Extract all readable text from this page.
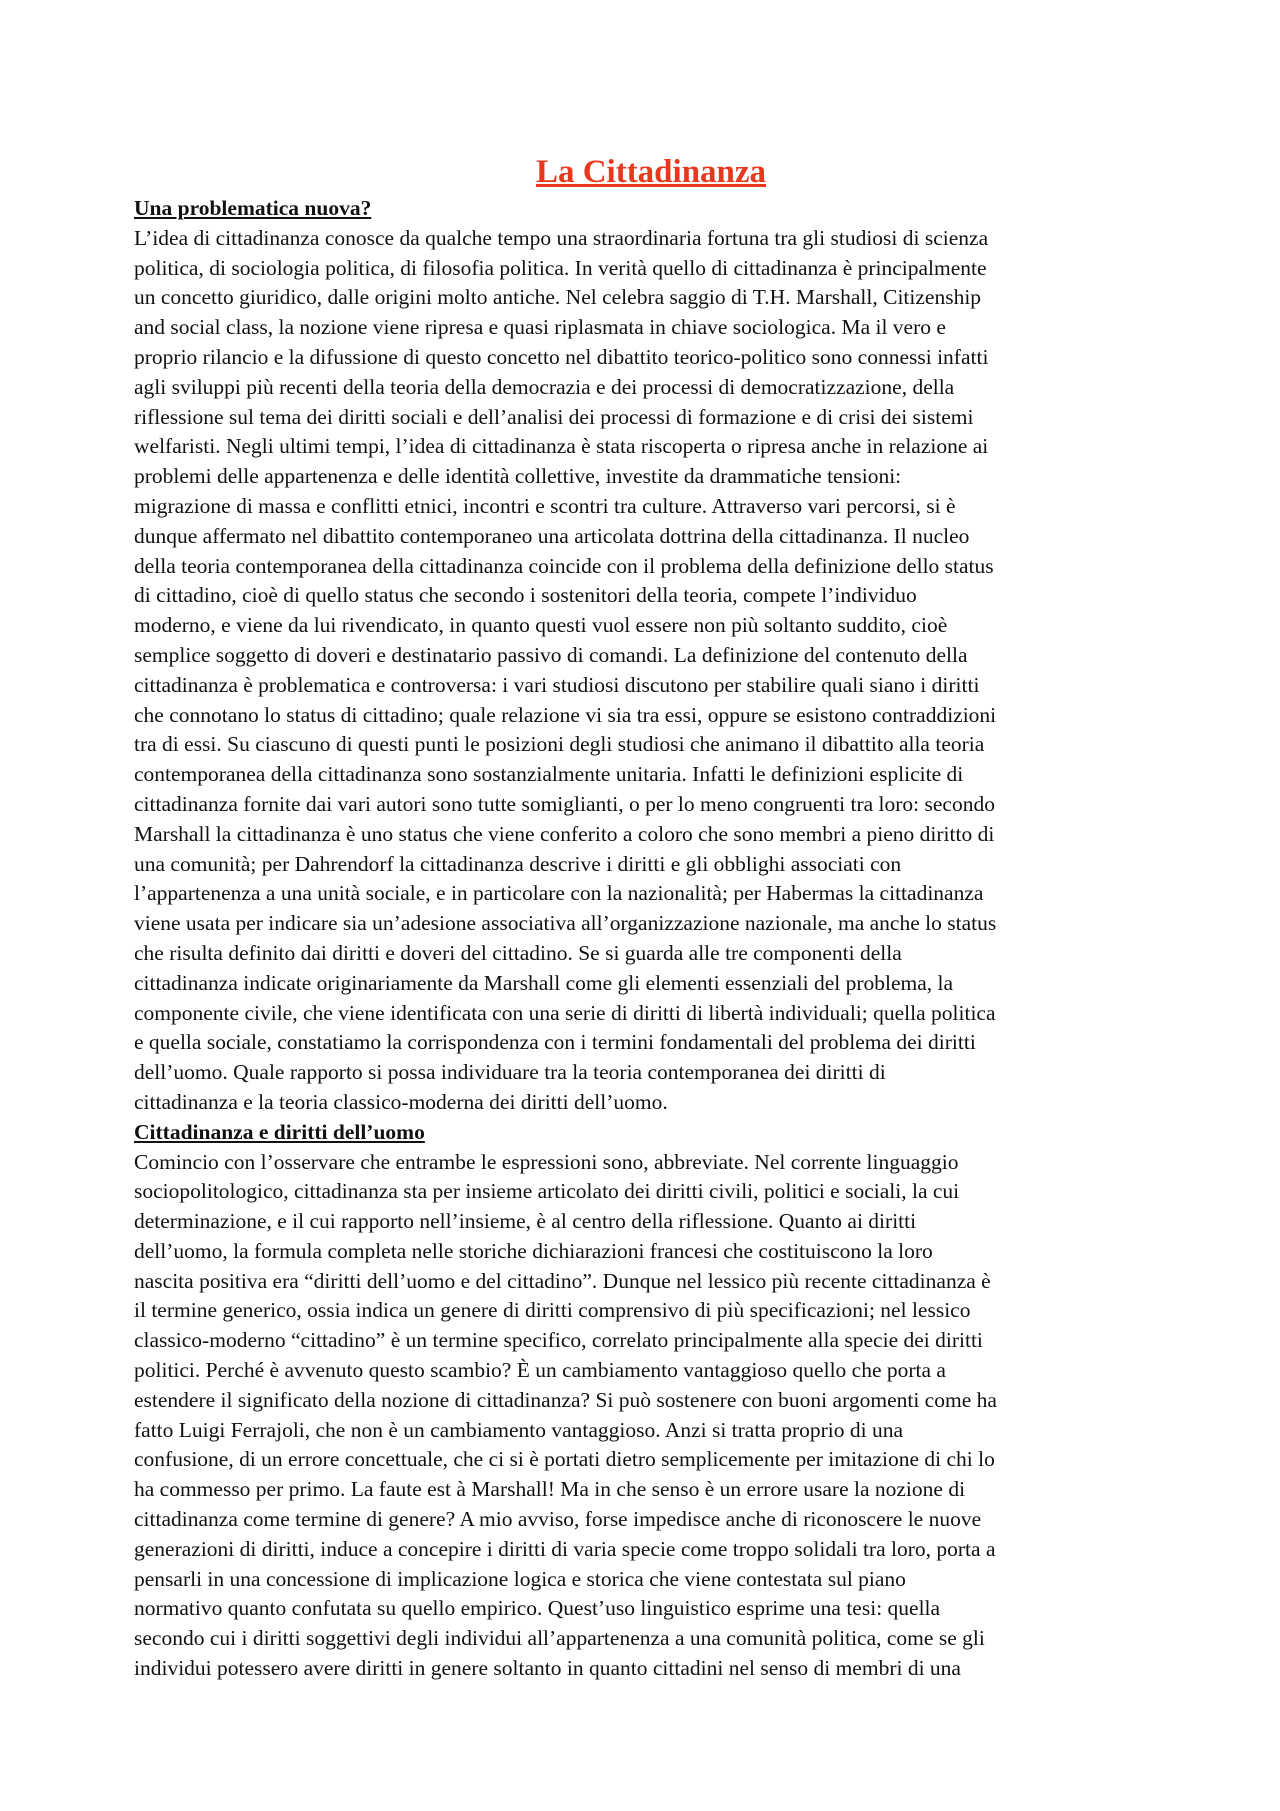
La Cittadinanza
Una problematica nuova?
L’idea di cittadinanza conosce da qualche tempo una straordinaria fortuna tra gli studiosi di scienza
politica, di sociologia politica, di filosofia politica. In verità quello di cittadinanza è principalmente
un concetto giuridico, dalle origini molto antiche. Nel celebra saggio di T.H. Marshall, Citizenship
and social class, la nozione viene ripresa e quasi riplasmata in chiave sociologica. Ma il vero e
proprio rilancio e la difussione di questo concetto nel dibattito teorico-politico sono connessi infatti
agli sviluppi più recenti della teoria della democrazia e dei processi di democratizzazione, della
riflessione sul tema dei diritti sociali e dell’analisi dei processi di formazione e di crisi dei sistemi
welfaristi. Negli ultimi tempi, l’idea di cittadinanza è stata riscoperta o ripresa anche in relazione ai
problemi delle appartenenza e delle identità collettive, investite da drammatiche tensioni:
migrazione di massa e conflitti etnici, incontri e scontri tra culture. Attraverso vari percorsi, si è
dunque affermato nel dibattito contemporaneo una articolata dottrina della cittadinanza. Il nucleo
della teoria contemporanea della cittadinanza coincide con il problema della definizione dello status
di cittadino, cioè di quello status che secondo i sostenitori della teoria, compete l’individuo
moderno, e viene da lui rivendicato, in quanto questi vuol essere non più soltanto suddito, cioè
semplice soggetto di doveri e destinatario passivo di comandi. La definizione del contenuto della
cittadinanza è problematica e controversa: i vari studiosi discutono per stabilire quali siano i diritti
che connotano lo status di cittadino; quale relazione vi sia tra essi, oppure se esistono contraddizioni
tra di essi. Su ciascuno di questi punti le posizioni degli studiosi che animano il dibattito alla teoria
contemporanea della cittadinanza sono sostanzialmente unitaria. Infatti le definizioni esplicite di
cittadinanza fornite dai vari autori sono tutte somiglianti, o per lo meno congruenti tra loro: secondo
Marshall la cittadinanza è uno status che viene conferito a coloro che sono membri a pieno diritto di
una comunità; per Dahrendorf la cittadinanza descrive i diritti e gli obblighi associati con
l’appartenenza a una unità sociale, e in particolare con la nazionalità; per Habermas la cittadinanza
viene usata per indicare sia un’adesione associativa all’organizzazione nazionale, ma anche lo status
che risulta definito dai diritti e doveri del cittadino. Se si guarda alle tre componenti della
cittadinanza indicate originariamente da Marshall come gli elementi essenziali del problema, la
componente civile, che viene identificata con una serie di diritti di libertà individuali; quella politica
e quella sociale, constatiamo la corrispondenza con i termini fondamentali del problema dei diritti
dell’uomo. Quale rapporto si possa individuare tra la teoria contemporanea dei diritti di
cittadinanza e la teoria classico-moderna dei diritti dell’uomo.
Cittadinanza e diritti dell’uomo
Comincio con l’osservare che entrambe le espressioni sono, abbreviate. Nel corrente linguaggio
sociopolitologico, cittadinanza sta per insieme articolato dei diritti civili, politici e sociali, la cui
determinazione, e il cui rapporto nell’insieme, è al centro della riflessione. Quanto ai diritti
dell’uomo, la formula completa nelle storiche dichiarazioni francesi che costituiscono la loro
nascita positiva era “diritti dell’uomo e del cittadino”. Dunque nel lessico più recente cittadinanza è
il termine generico, ossia indica un genere di diritti comprensivo di più specificazioni; nel lessico
classico-moderno “cittadino” è un termine specifico, correlato principalmente alla specie dei diritti
politici. Perché è avvenuto questo scambio? È un cambiamento vantaggioso quello che porta a
estendere il significato della nozione di cittadinanza? Si può sostenere con buoni argomenti come ha
fatto Luigi Ferrajoli, che non è un cambiamento vantaggioso. Anzi si tratta proprio di una
confusione, di un errore concettuale, che ci si è portati dietro semplicemente per imitazione di chi lo
ha commesso per primo. La faute est à Marshall! Ma in che senso è un errore usare la nozione di
cittadinanza come termine di genere? A mio avviso, forse impedisce anche di riconoscere le nuove
generazioni di diritti, induce a concepire i diritti di varia specie come troppo solidali tra loro, porta a
pensarli in una concessione di implicazione logica e storica che viene contestata sul piano
normativo quanto confutata su quello empirico. Quest’uso linguistico esprime una tesi: quella
secondo cui i diritti soggettivi degli individui all’appartenenza a una comunità politica, come se gli
individui potessero avere diritti in genere soltanto in quanto cittadini nel senso di membri di una
